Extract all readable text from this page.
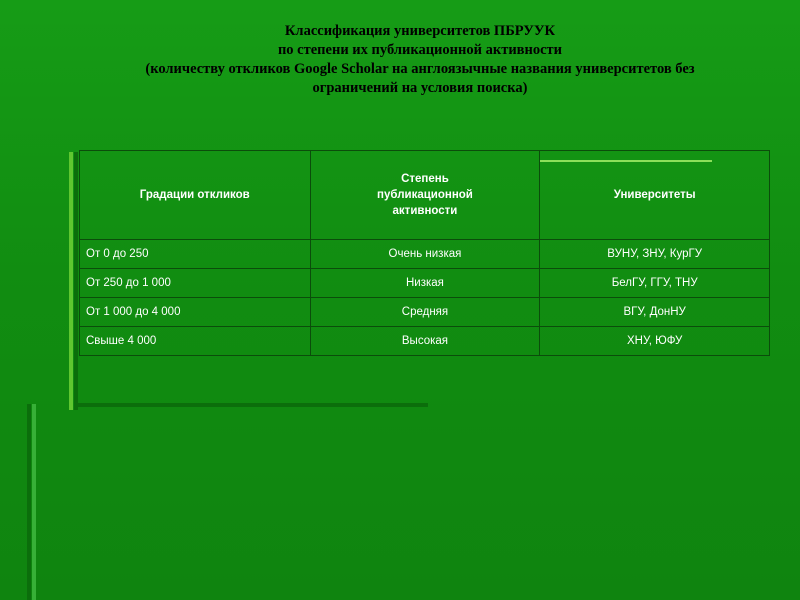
Классификация университетов ПБРУУК
по степени их публикационной активности
(количеству откликов Google Scholar на англоязычные названия университетов без
ограничений на условия поиска)
Градации откликов	Степень публикационной активности	Университеты
От 0 до 250	Очень низкая	ВУНУ, ЗНУ, КурГУ
От 250 до 1 000	Низкая	БелГУ, ГГУ, ТНУ
От 1 000 до 4 000	Средняя	ВГУ, ДонНУ
Свыше 4 000	Высокая	ХНУ, ЮФУ
